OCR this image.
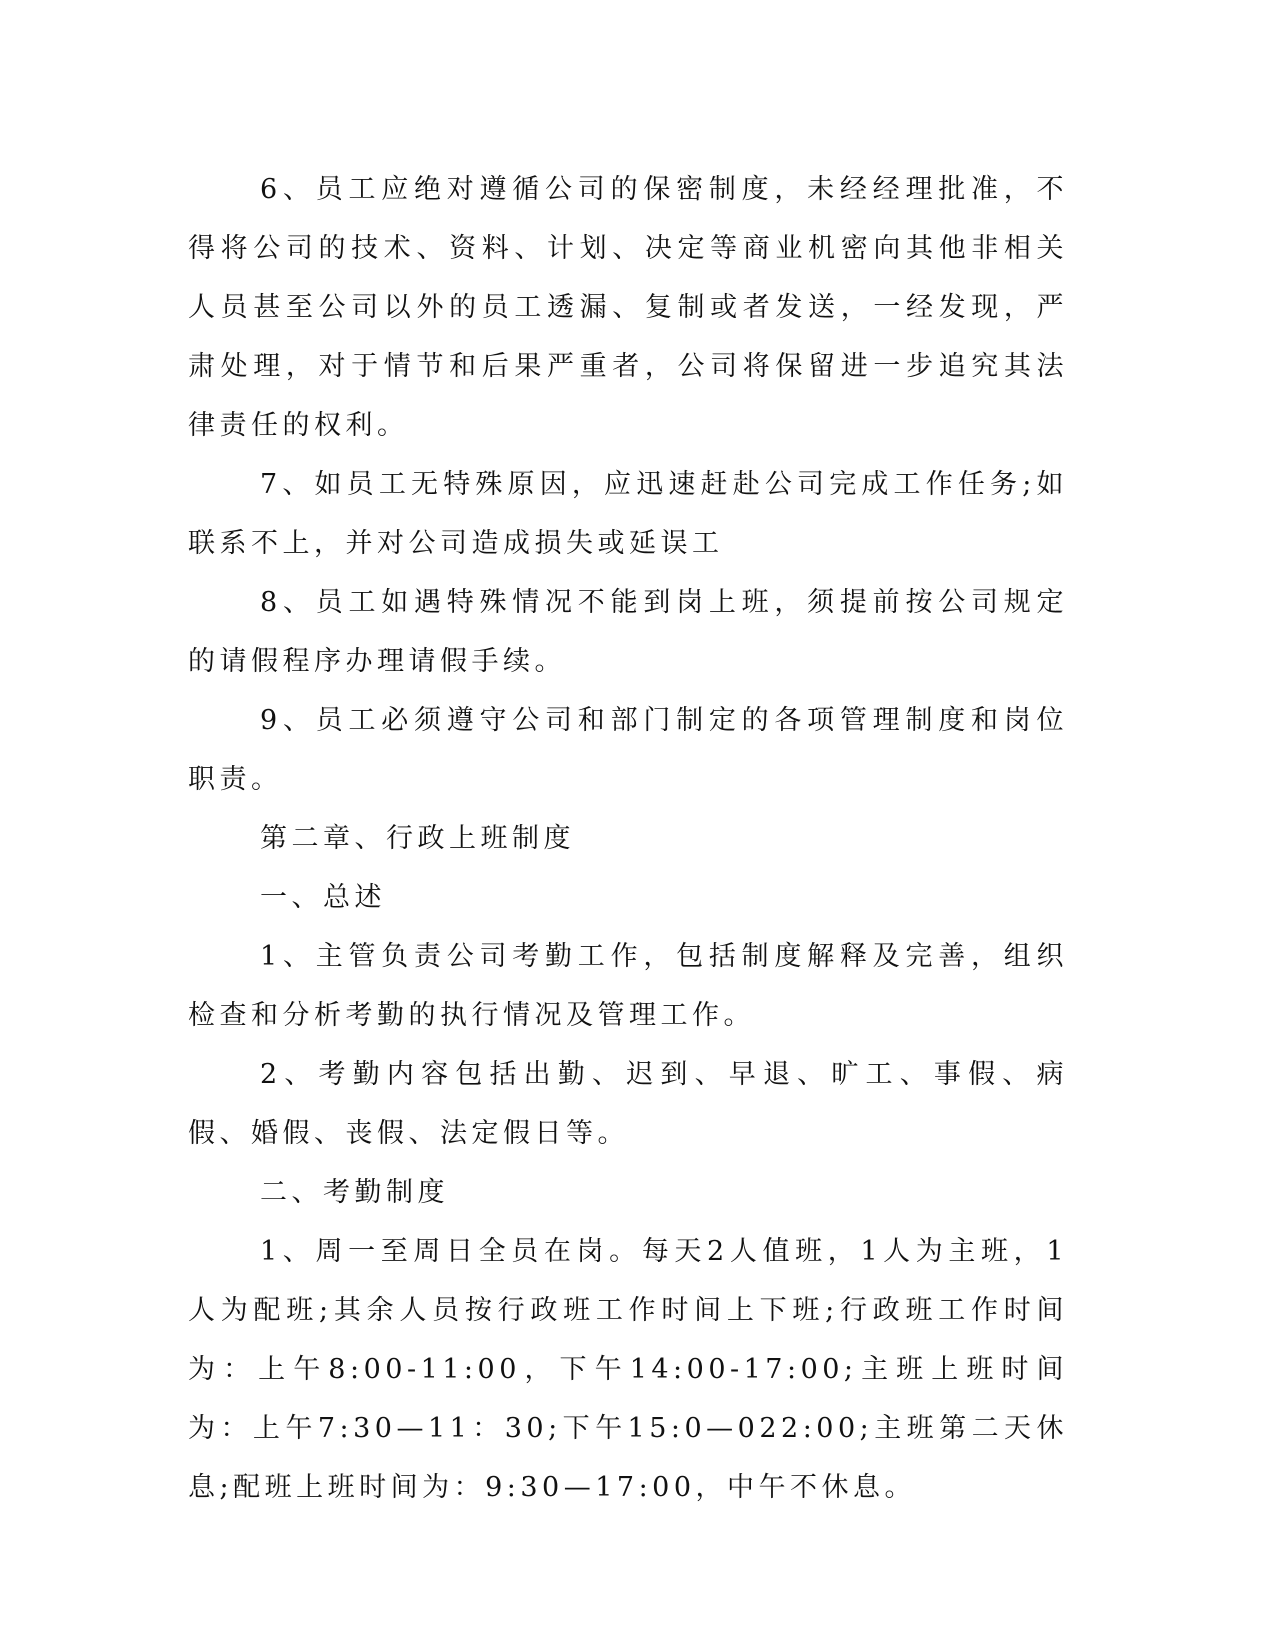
6、员工应绝对遵循公司的保密制度，未经经理批准，不得将公司的技术、资料、计划、决定等商业机密向其他非相关人员甚至公司以外的员工透漏、复制或者发送，一经发现，严肃处理，对于情节和后果严重者，公司将保留进一步追究其法律责任的权利。

7、如员工无特殊原因，应迅速赶赴公司完成工作任务;如联系不上，并对公司造成损失或延误工

8、员工如遇特殊情况不能到岗上班，须提前按公司规定的请假程序办理请假手续。

9、员工必须遵守公司和部门制定的各项管理制度和岗位职责。

第二章、行政上班制度

一、总述

1、主管负责公司考勤工作，包括制度解释及完善，组织检查和分析考勤的执行情况及管理工作。

2、考勤内容包括出勤、迟到、早退、旷工、事假、病假、婚假、丧假、法定假日等。

二、考勤制度

1、周一至周日全员在岗。每天2人值班，1人为主班，1人为配班;其余人员按行政班工作时间上下班;行政班工作时间为：上午8:00-11:00，下午14:00-17:00;主班上班时间为：上午7:30—11：30;下午15:0—022:00;主班第二天休息;配班上班时间为：9:30—17:00，中午不休息。
